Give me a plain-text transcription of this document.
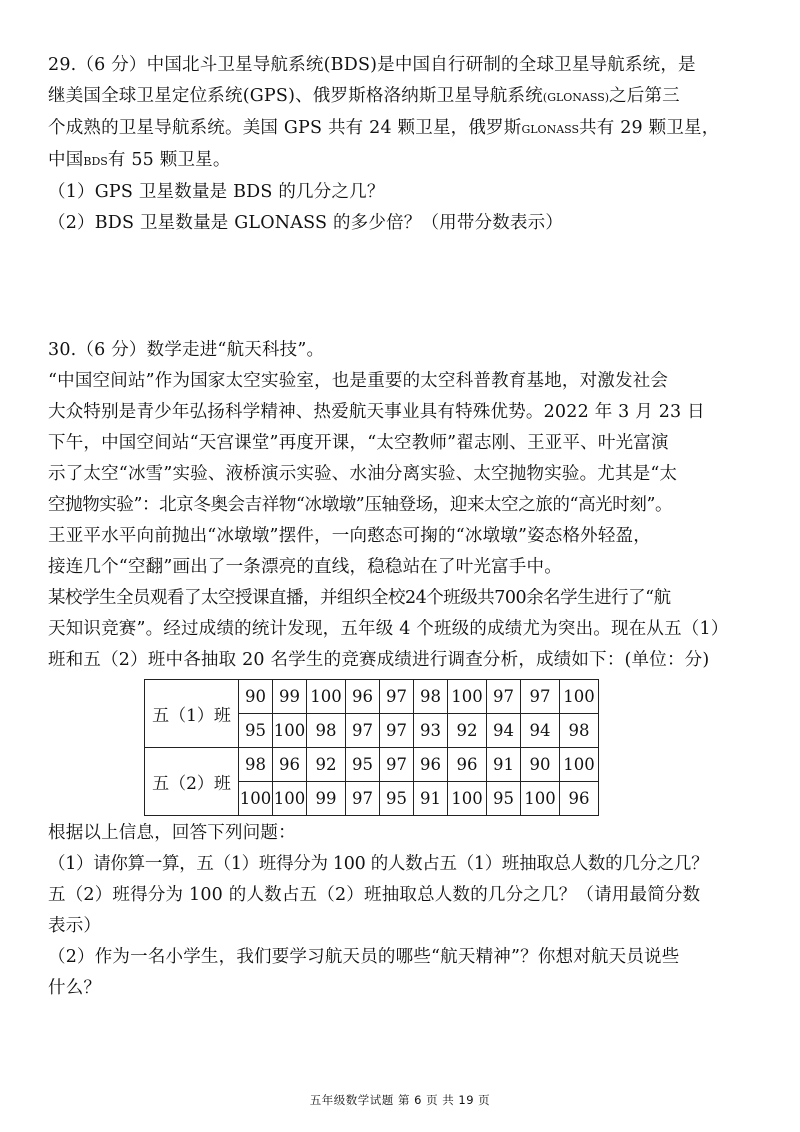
29.（6 分）中国北斗卫星导航系统(BDS)是中国自行研制的全球卫星导航系统，是
继美国全球卫星定位系统(GPS)、俄罗斯格洛纳斯卫星导航系统(GLONASS)之后第三
个成熟的卫星导航系统。美国 GPS 共有 24 颗卫星，俄罗斯GLONASS共有 29 颗卫星，
中国BDS有 55 颗卫星。
（1）GPS 卫星数量是 BDS 的几分之几？
（2）BDS 卫星数量是 GLONASS 的多少倍？（用带分数表示）
30.（6 分）数学走进“航天科技”。
“中国空间站”作为国家太空实验室，也是重要的太空科普教育基地，对激发社会
大众特别是青少年弘扬科学精神、热爱航天事业具有特殊优势。2022 年 3 月 23 日
下午，中国空间站“天宫课堂”再度开课，“太空教师”翟志刚、王亚平、叶光富演
示了太空“冰雪”实验、液桥演示实验、水油分离实验、太空抛物实验。尤其是“太
空抛物实验”：北京冬奥会吉祥物“冰墩墩”压轴登场，迎来太空之旅的“高光时刻”。
王亚平水平向前抛出“冰墩墩”摆件，一向憨态可掬的“冰墩墩”姿态格外轻盈，
接连几个“空翻”画出了一条漂亮的直线，稳稳站在了叶光富手中。
某校学生全员观看了太空授课直播，并组织全校24个班级共700余名学生进行了“航
天知识竞赛”。经过成绩的统计发现，五年级 4 个班级的成绩尤为突出。现在从五（1）
班和五（2）班中各抽取 20 名学生的竞赛成绩进行调查分析，成绩如下：(单位：分)
五（1）班	90	99	100	96	97	98	100	97	97	100
	95	100	98	97	97	93	92	94	94	98
五（2）班	98	96	92	95	97	96	96	91	90	100
	100	100	99	97	95	91	100	95	100	96
根据以上信息，回答下列问题：
（1）请你算一算，五（1）班得分为 100 的人数占五（1）班抽取总人数的几分之几？
五（2）班得分为 100 的人数占五（2）班抽取总人数的几分之几？（请用最简分数
表示）
（2）作为一名小学生，我们要学习航天员的哪些“航天精神”？你想对航天员说些
什么？
五年级数学试题 第 6 页 共 19 页
